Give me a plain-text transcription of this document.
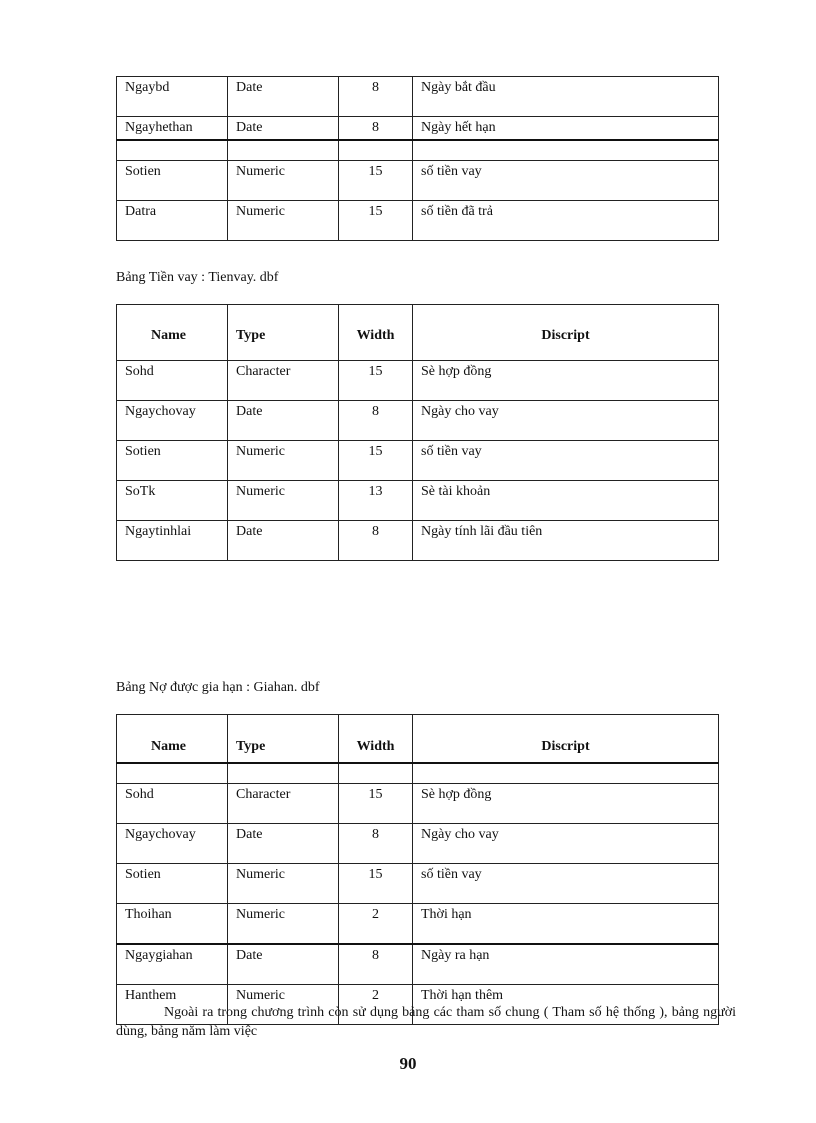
Ngaybd	Date	8	Ngày bắt đầu
Ngayhethan	Date	8	Ngày hết hạn

Sotien	Numeric	15	số tiền vay
Datra	Numeric	15	số tiền đã trả
Bảng Tiền vay : Tienvay. dbf
Name	Type	Width	Discript
Sohd	Character	15	Sè hợp đồng
Ngaychovay	Date	8	Ngày cho vay
Sotien	Numeric	15	số tiền vay
SoTk	Numeric	13	Sè tài khoản
Ngaytinhlai	Date	8	Ngày tính lãi đầu tiên
Bảng Nợ được gia hạn : Giahan. dbf
Name	Type	Width	Discript

Sohd	Character	15	Sè hợp đồng
Ngaychovay	Date	8	Ngày cho vay
Sotien	Numeric	15	số tiền vay
Thoihan	Numeric	2	Thời hạn
Ngaygiahan	Date	8	Ngày ra hạn
Hanthem	Numeric	2	Thời hạn thêm

Ngoài ra trong chương trình còn sử dụng bảng các tham số chung ( Tham số hệ thống ), bảng người dùng, bảng năm làm việc

90
